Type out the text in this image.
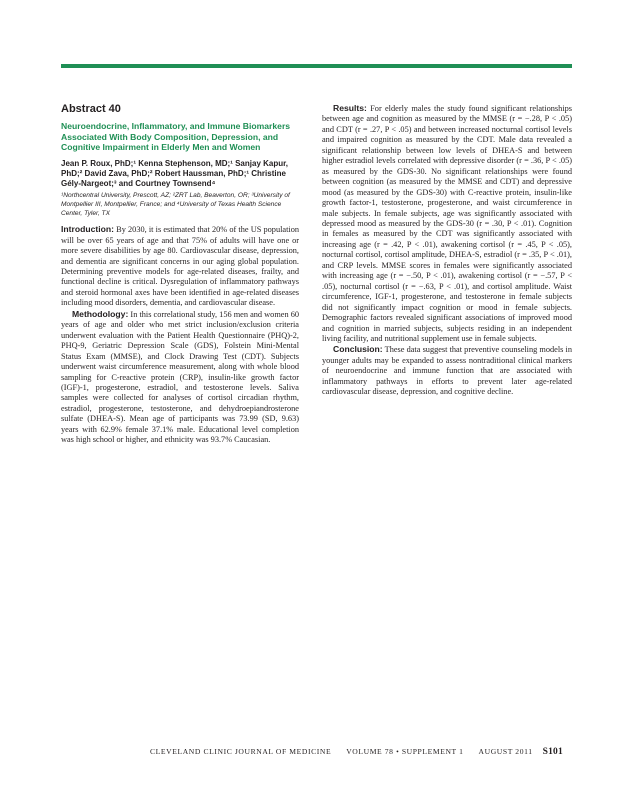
Abstract 40
Neuroendocrine, Inflammatory, and Immune Biomarkers Associated With Body Composition, Depression, and Cognitive Impairment in Elderly Men and Women
Jean P. Roux, PhD;¹ Kenna Stephenson, MD;¹ Sanjay Kapur, PhD;² David Zava, PhD;² Robert Haussman, PhD;¹ Christine Gély-Nargeot;³ and Courtney Townsend⁴
¹Northcentral University, Prescott, AZ; ²ZRT Lab, Beaverton, OR; ³University of Montpellier III, Montpellier, France; and ⁴University of Texas Health Science Center, Tyler, TX

Introduction: By 2030, it is estimated that 20% of the US population will be over 65 years of age and that 75% of adults will have one or more severe disabilities by age 80. Cardiovascular disease, depression, and dementia are significant concerns in our aging global population. Determining preventive models for age-related diseases, frailty, and functional decline is critical. Dysregulation of inflammatory pathways and steroid hormonal axes have been identified in age-related diseases including mood disorders, dementia, and cardiovascular disease.

Methodology: In this correlational study, 156 men and women 60 years of age and older who met strict inclusion/exclusion criteria underwent evaluation with the Patient Health Questionnaire (PHQ)-2, PHQ-9, Geriatric Depression Scale (GDS), Folstein Mini-Mental Status Exam (MMSE), and Clock Drawing Test (CDT). Subjects underwent waist circumference measurement, along with whole blood sampling for C-reactive protein (CRP), insulin-like growth factor (IGF)-1, progesterone, estradiol, and testosterone levels. Saliva samples were collected for analyses of cortisol circadian rhythm, estradiol, progesterone, testosterone, and dehydroepiandrosterone sulfate (DHEA-S). Mean age of participants was 73.99 (SD, 9.63) years with 62.9% female 37.1% male. Educational level completion was high school or higher, and ethnicity was 93.7% Caucasian.

Results: For elderly males the study found significant relationships between age and cognition as measured by the MMSE (r = −.28, P < .05) and CDT (r = .27, P < .05) and between increased nocturnal cortisol levels and impaired cognition as measured by the CDT. Male data revealed a significant relationship between low levels of DHEA-S and between higher estradiol levels correlated with depressive disorder (r = .36, P < .05) as measured by the GDS-30. No significant relationships were found between cognition (as measured by the MMSE and CDT) and depressive mood (as measured by the GDS-30) with C-reactive protein, insulin-like growth factor-1, testosterone, progesterone, and waist circumference in male subjects. In female subjects, age was significantly associated with depressed mood as measured by the GDS-30 (r = .30, P < .01). Cognition in females as measured by the CDT was significantly associated with increasing age (r = .42, P < .01), awakening cortisol (r = .45, P < .05), nocturnal cortisol, cortisol amplitude, DHEA-S, estradiol (r = .35, P < .01), and CRP levels. MMSE scores in females were significantly associated with increasing age (r = −.50, P < .01), awakening cortisol (r = −.57, P < .05), nocturnal cortisol (r = −.63, P < .01), and cortisol amplitude. Waist circumference, IGF-1, progesterone, and testosterone in female subjects did not significantly impact cognition or mood in female subjects. Demographic factors revealed significant associations of improved mood and cognition in married subjects, subjects residing in an independent living facility, and nutritional supplement use in female subjects.

Conclusion: These data suggest that preventive counseling models in younger adults may be expanded to assess nontraditional clinical markers of neuroendocrine and immune function that are associated with inflammatory pathways in efforts to prevent later age-related cardiovascular disease, depression, and cognitive decline.

CLEVELAND CLINIC JOURNAL OF MEDICINE VOLUME 78 • SUPPLEMENT 1 AUGUST 2011 S101
